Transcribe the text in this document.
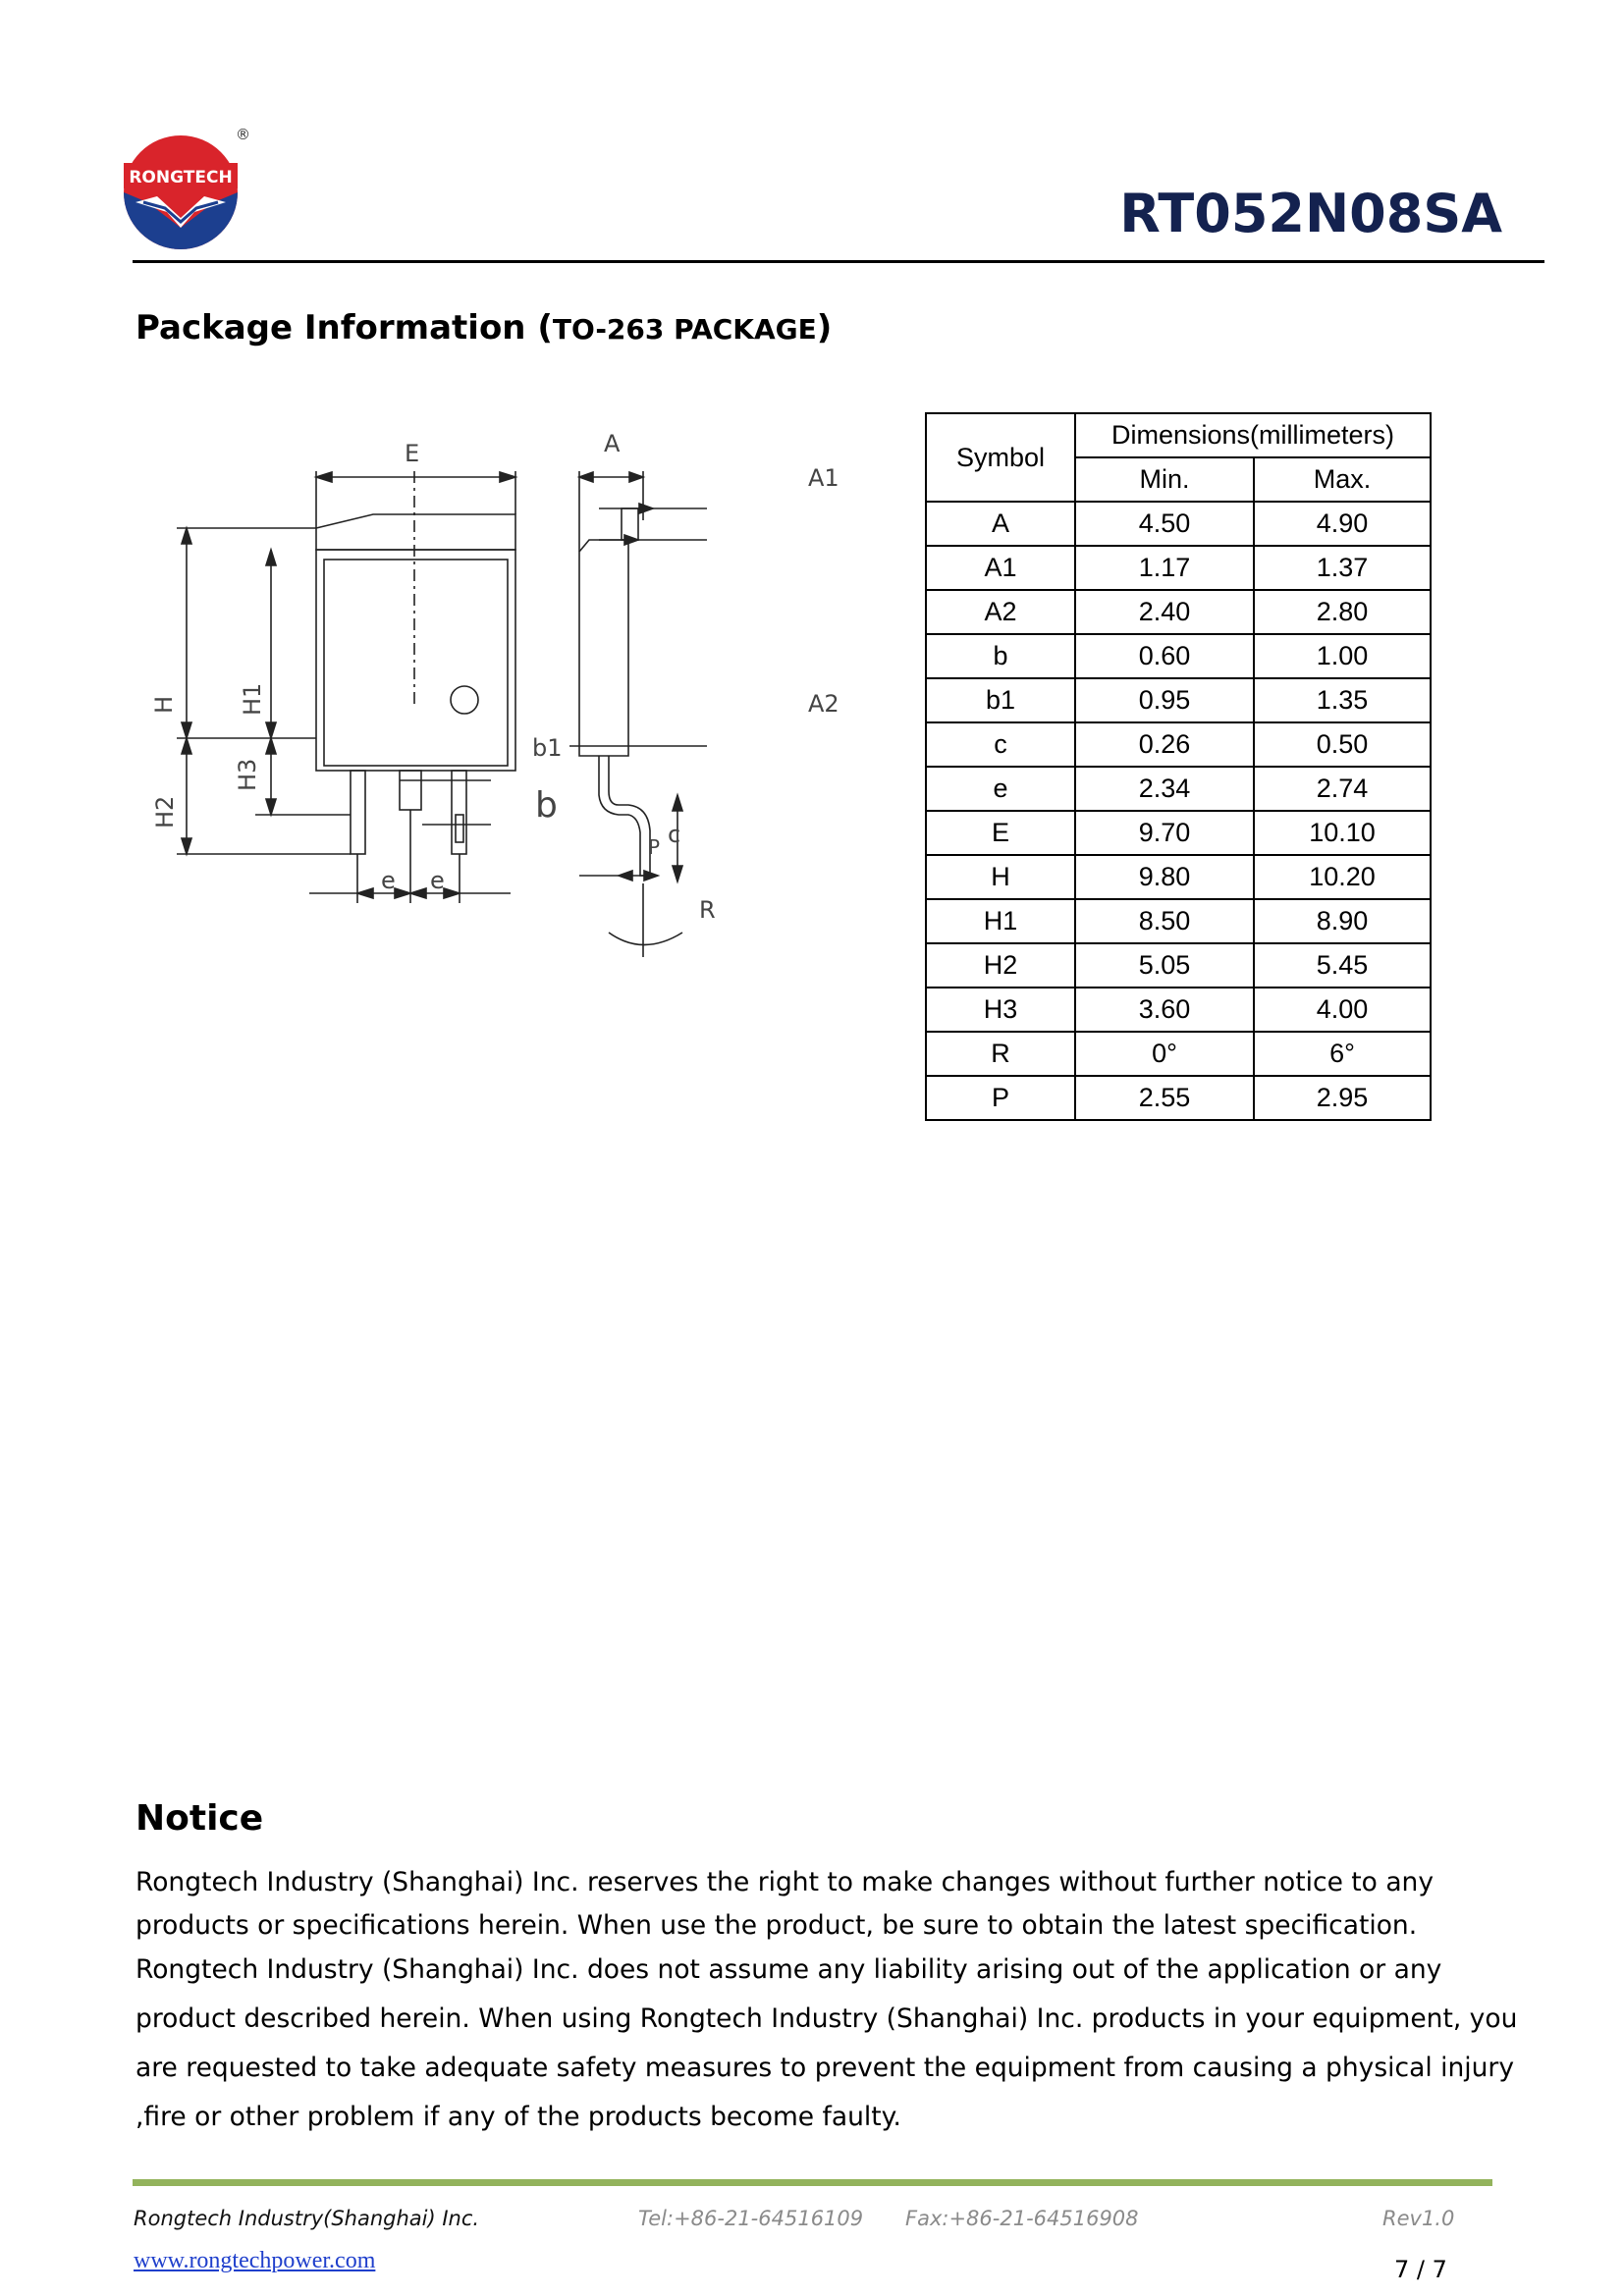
RONGTECH
®
RT052N08SA
Package Information (TO-263 PACKAGE)
E
H	H1
H2
H3
b1
b
e e
A
A1
A2
P c
R
Symbol	Dimensions(millimeters)	
	Min.	Max.
A	4.50	4.90
A1	1.17	1.37
A2	2.40	2.80
b	0.60	1.00
b1	0.95	1.35
c	0.26	0.50
e	2.34	2.74
E	9.70	10.10
H	9.80	10.20
H1	8.50	8.90
H2	5.05	5.45
H3	3.60	4.00
R	0°	6°
P	2.55	2.95
Notice

Rongtech Industry (Shanghai) Inc. reserves the right to make changes without further notice to any products or specifications herein. When use the product, be sure to obtain the latest specification.

Rongtech Industry (Shanghai) Inc. does not assume any liability arising out of the application or any product described herein. When using Rongtech Industry (Shanghai) Inc. products in your equipment, you are requested to take adequate safety measures to prevent the equipment from causing a physical injury ,fire or other problem if any of the products become faulty.

Rongtech Industry(Shanghai) Inc.	Tel:+86-21-64516109 Fax:+86-21-64516908	Rev1.0
www.rongtechpower.com	7 / 7
